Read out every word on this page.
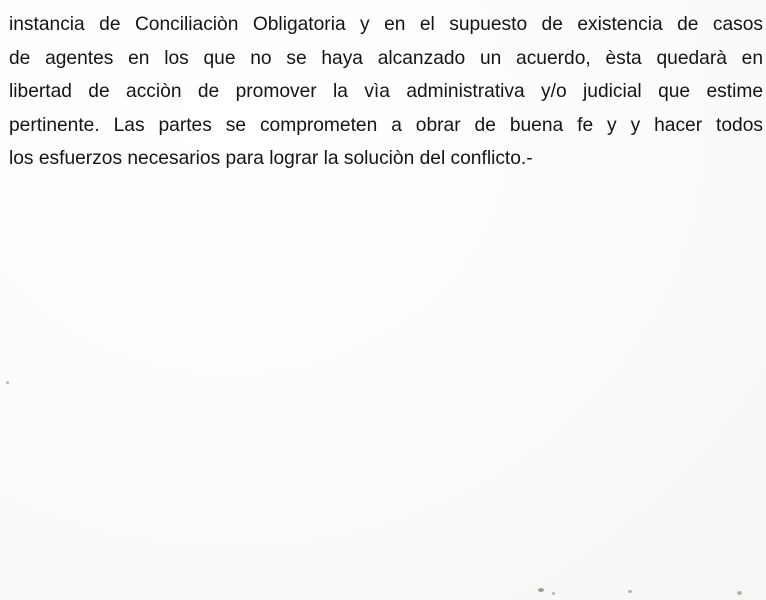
instancia de Conciliaciòn Obligatoria y en el supuesto de existencia de casos
de agentes en los que no se haya alcanzado un acuerdo, èsta quedarà en
libertad de acciòn de promover la vìa administrativa y/o judicial que estime
pertinente. Las partes se comprometen a obrar de buena fe y y hacer todos
los esfuerzos necesarios para lograr la soluciòn del conflicto.-
